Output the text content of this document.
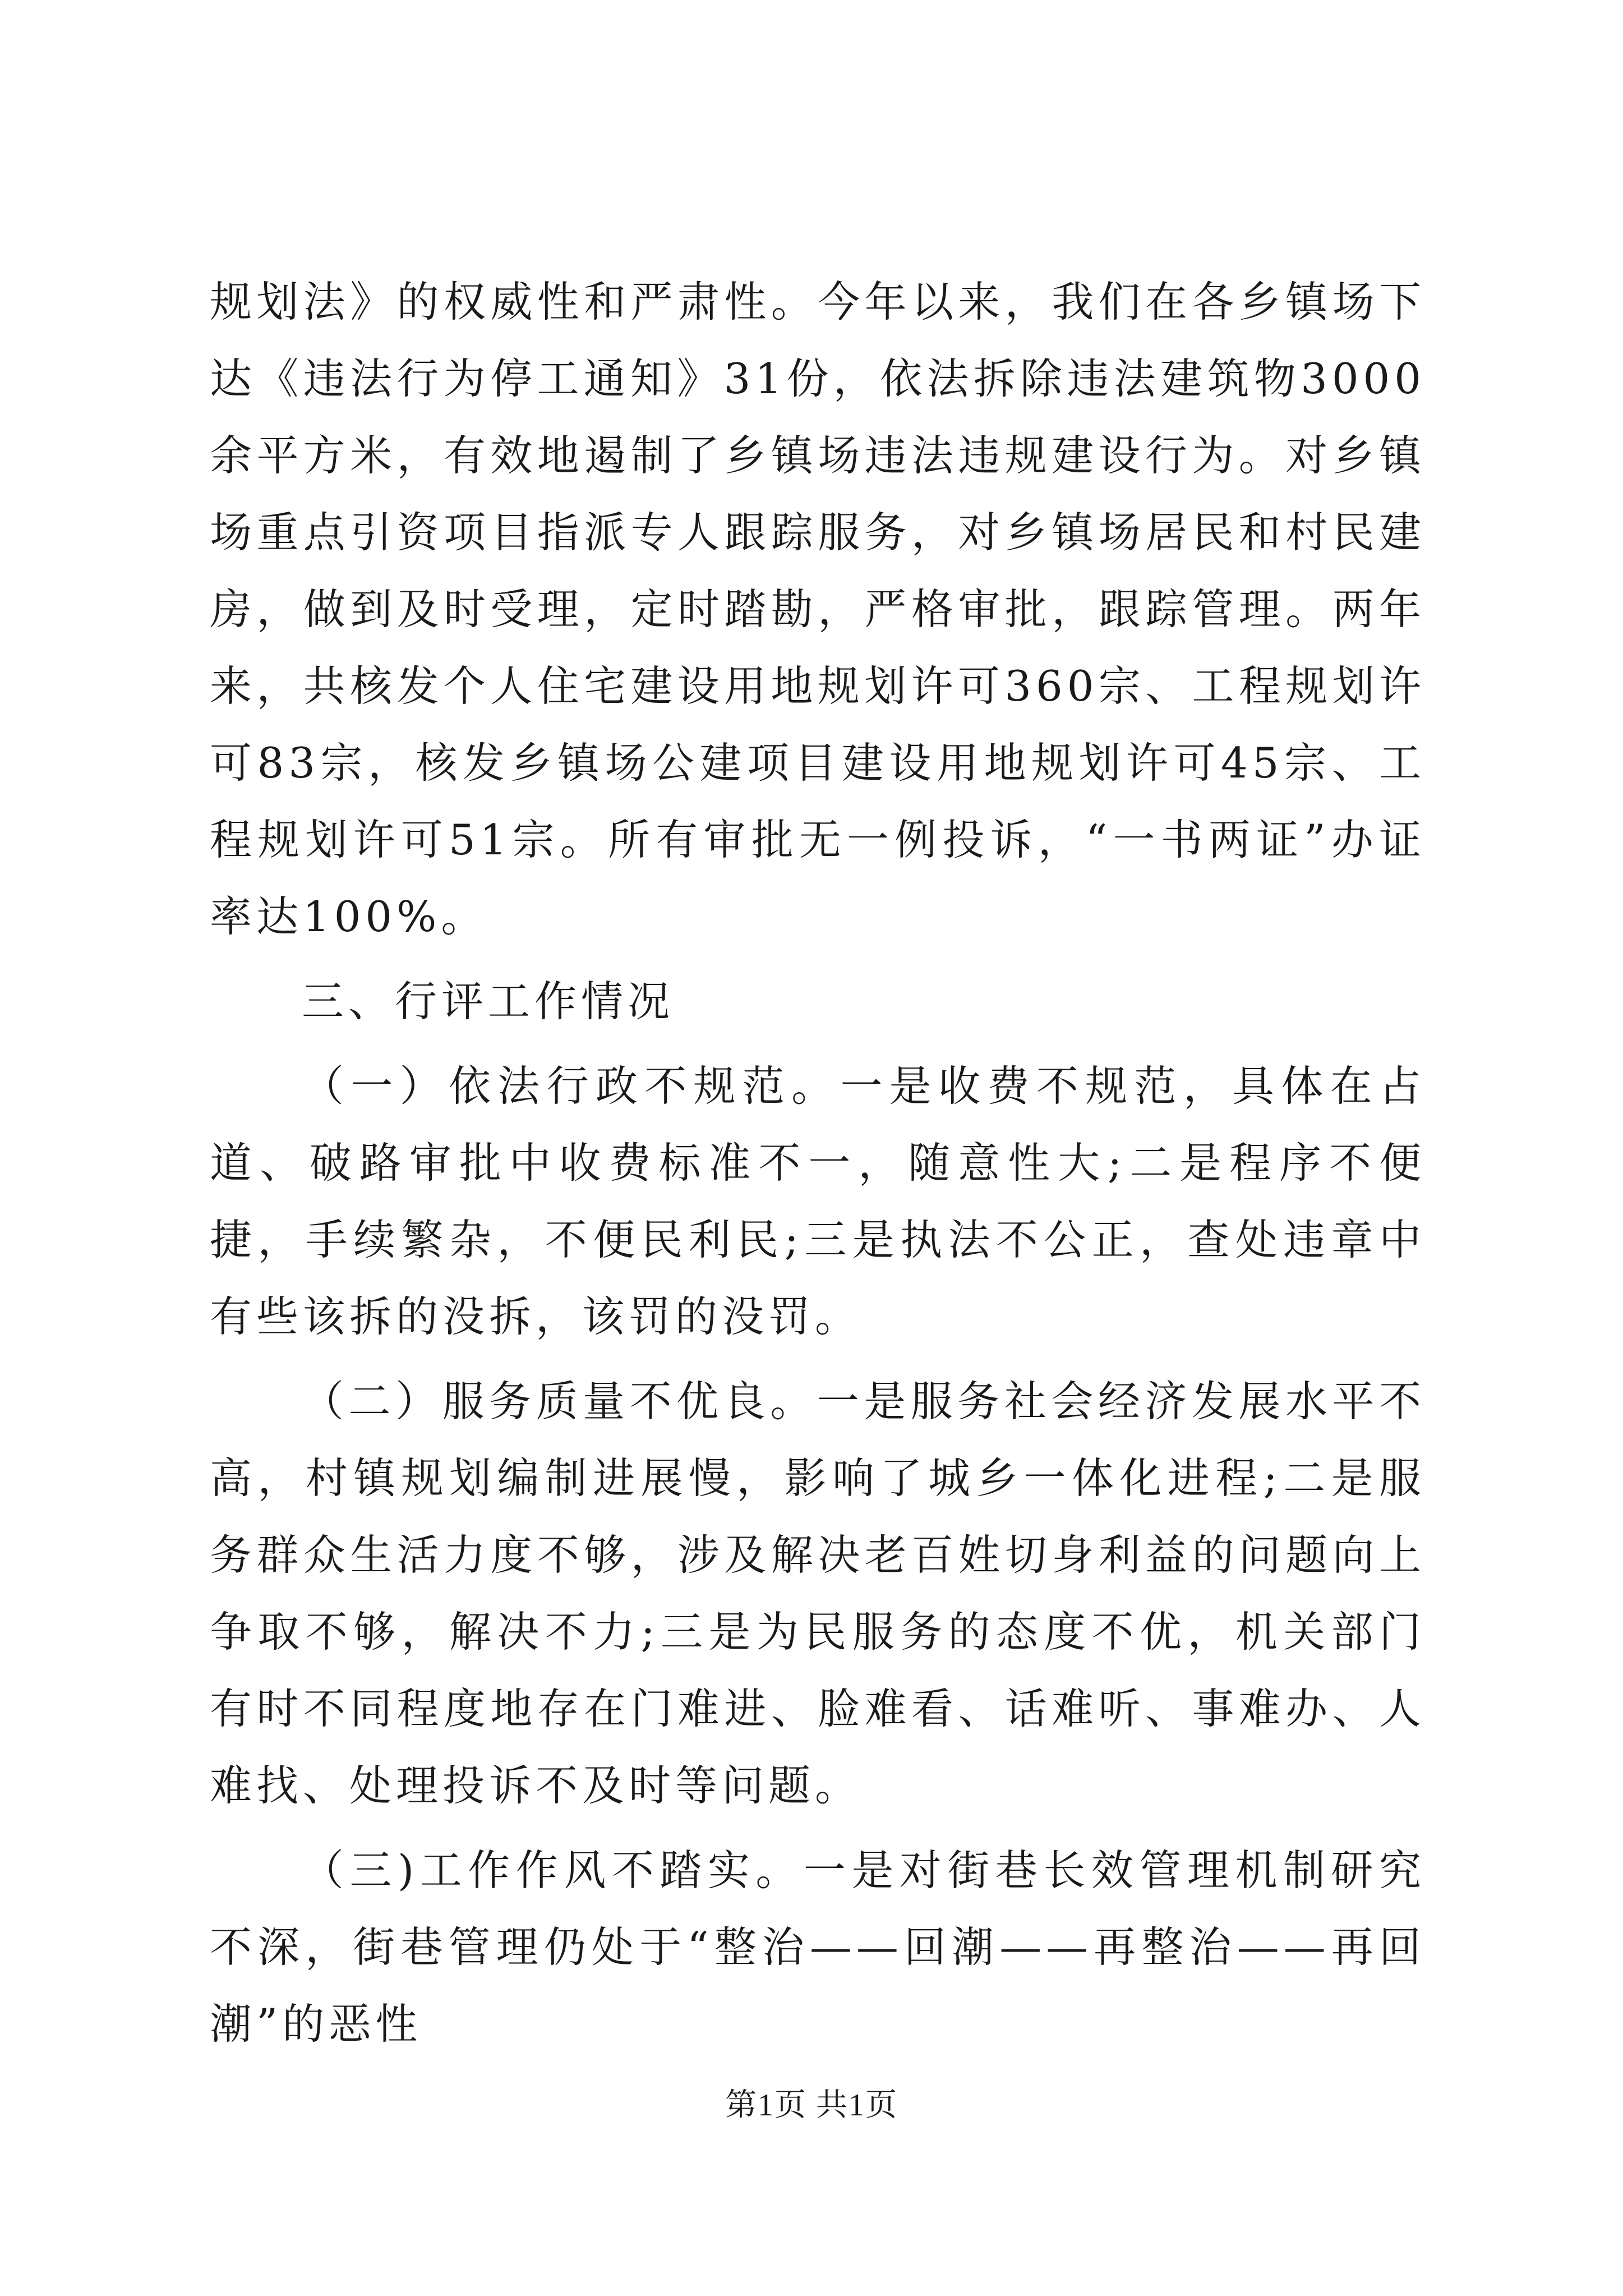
规划法》的权威性和严肃性。今年以来，我们在各乡镇场下达《违法行为停工通知》31份，依法拆除违法建筑物3000余平方米，有效地遏制了乡镇场违法违规建设行为。对乡镇场重点引资项目指派专人跟踪服务，对乡镇场居民和村民建房，做到及时受理，定时踏勘，严格审批，跟踪管理。两年来，共核发个人住宅建设用地规划许可360宗、工程规划许可83宗，核发乡镇场公建项目建设用地规划许可45宗、工程规划许可51宗。所有审批无一例投诉，“一书两证”办证率达100%。

三、行评工作情况

（一）依法行政不规范。一是收费不规范，具体在占道、破路审批中收费标准不一，随意性大;二是程序不便捷，手续繁杂，不便民利民;三是执法不公正，查处违章中有些该拆的没拆，该罚的没罚。

（二）服务质量不优良。一是服务社会经济发展水平不高，村镇规划编制进展慢，影响了城乡一体化进程;二是服务群众生活力度不够，涉及解决老百姓切身利益的问题向上争取不够，解决不力;三是为民服务的态度不优，机关部门有时不同程度地存在门难进、脸难看、话难听、事难办、人难找、处理投诉不及时等问题。

（三)工作作风不踏实。一是对街巷长效管理机制研究不深，街巷管理仍处于“整治——回潮——再整治——再回潮”的恶性

第1页 共1页
